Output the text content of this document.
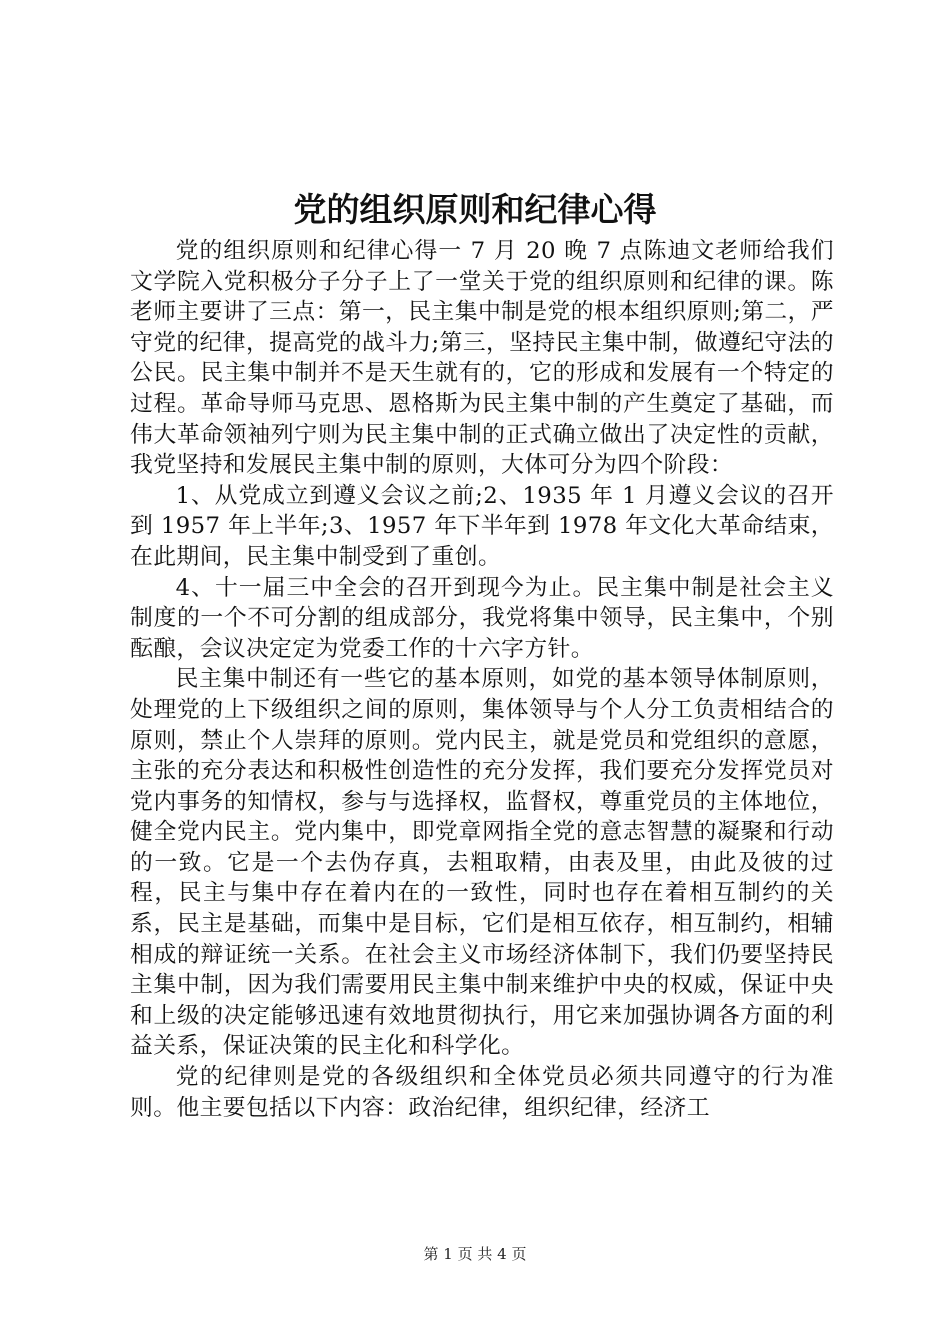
党的组织原则和纪律心得

党的组织原则和纪律心得一 7 月 20 晚 7 点陈迪文老师给我们文学院入党积极分子分子上了一堂关于党的组织原则和纪律的课。陈老师主要讲了三点：第一，民主集中制是党的根本组织原则;第二，严守党的纪律，提高党的战斗力;第三，坚持民主集中制，做遵纪守法的公民。民主集中制并不是天生就有的，它的形成和发展有一个特定的过程。革命导师马克思、恩格斯为民主集中制的产生奠定了基础，而伟大革命领袖列宁则为民主集中制的正式确立做出了决定性的贡献，我党坚持和发展民主集中制的原则，大体可分为四个阶段：

1、从党成立到遵义会议之前;2、1935 年 1 月遵义会议的召开到 1957 年上半年;3、1957 年下半年到 1978 年文化大革命结束，在此期间，民主集中制受到了重创。

4、十一届三中全会的召开到现今为止。民主集中制是社会主义制度的一个不可分割的组成部分，我党将集中领导，民主集中，个别酝酿，会议决定定为党委工作的十六字方针。

民主集中制还有一些它的基本原则，如党的基本领导体制原则，处理党的上下级组织之间的原则，集体领导与个人分工负责相结合的原则，禁止个人崇拜的原则。党内民主，就是党员和党组织的意愿，主张的充分表达和积极性创造性的充分发挥，我们要充分发挥党员对党内事务的知情权，参与与选择权，监督权，尊重党员的主体地位，健全党内民主。党内集中，即党章网指全党的意志智慧的凝聚和行动的一致。它是一个去伪存真，去粗取精，由表及里，由此及彼的过程，民主与集中存在着内在的一致性，同时也存在着相互制约的关系，民主是基础，而集中是目标，它们是相互依存，相互制约，相辅相成的辩证统一关系。在社会主义市场经济体制下，我们仍要坚持民主集中制，因为我们需要用民主集中制来维护中央的权威，保证中央和上级的决定能够迅速有效地贯彻执行，用它来加强协调各方面的利益关系，保证决策的民主化和科学化。

党的纪律则是党的各级组织和全体党员必须共同遵守的行为准则。他主要包括以下内容：政治纪律，组织纪律，经济工

第 1 页 共 4 页
